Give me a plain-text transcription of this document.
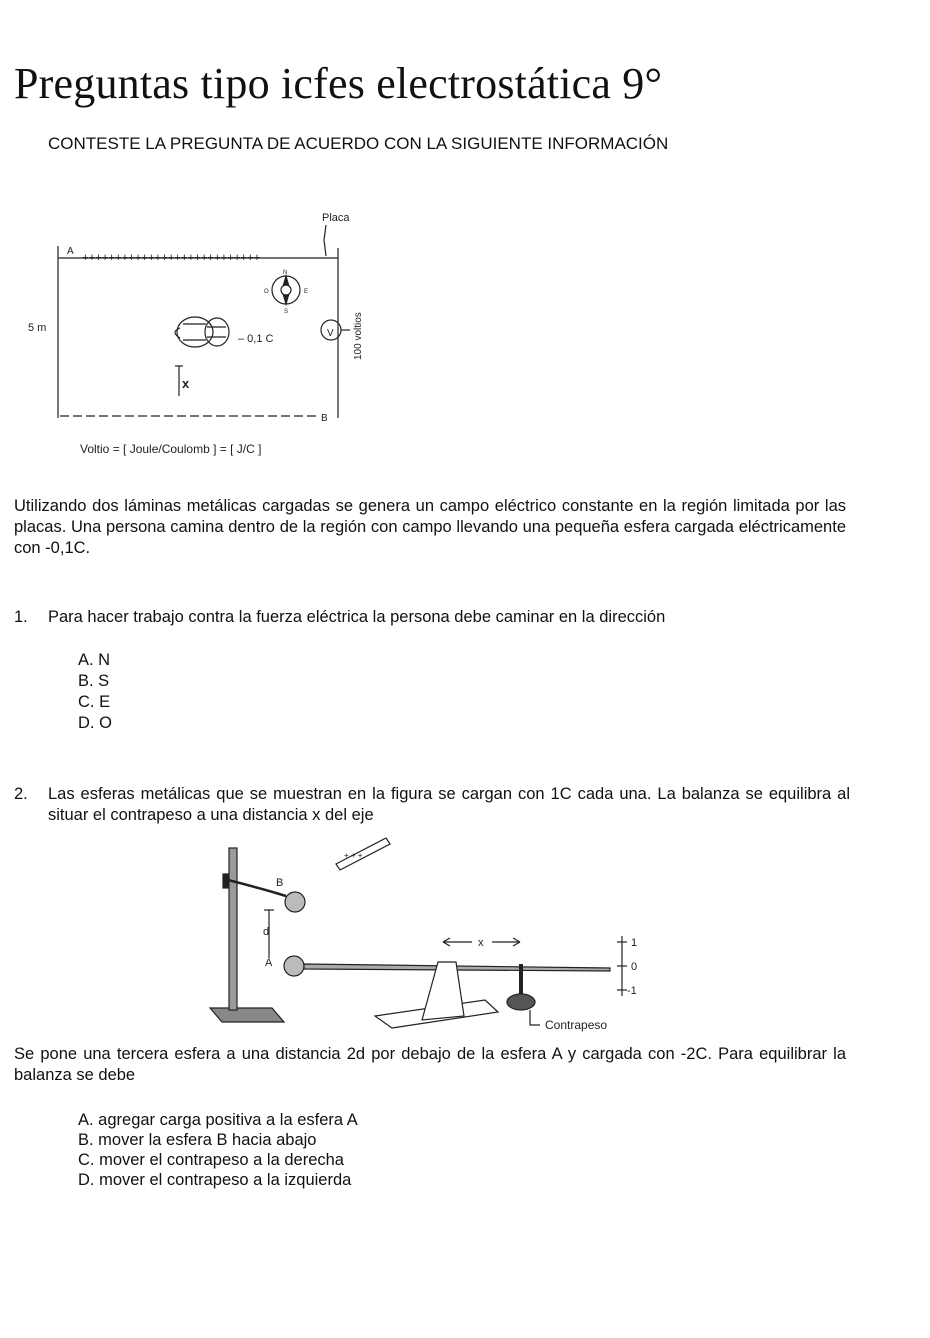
Preguntas tipo icfes electrostática 9°
CONTESTE LA PREGUNTA DE ACUERDO CON LA SIGUIENTE INFORMACIÓN
Placa
A
5 m
– 0,1 C
B
x
100 voltios
V
N
S
O	E
Voltio = [ Joule/Coulomb ] = [ J/C ]
+++++++++++++++++++++++++++
Utilizando dos láminas metálicas cargadas se genera un campo eléctrico constante en la región limitada por las placas. Una persona camina dentro de la región con campo llevando una pequeña esfera cargada eléctricamente con -0,1C.
1. Para hacer trabajo contra la fuerza eléctrica la persona debe caminar en la dirección
A. N
B. S
C. E
D. O
2. Las esferas metálicas que se muestran en la figura se cargan con 1C cada una. La balanza se equilibra al situar el contrapeso a una distancia x del eje
B
A
d
x	1
0
-1
Contrapeso
+ + +
Se pone una tercera esfera a una distancia 2d por debajo de la esfera A y cargada con -2C. Para equilibrar la balanza se debe
A. agregar carga positiva a la esfera A
B. mover la esfera B hacia abajo
C. mover el contrapeso a la derecha
D. mover el contrapeso a la izquierda
